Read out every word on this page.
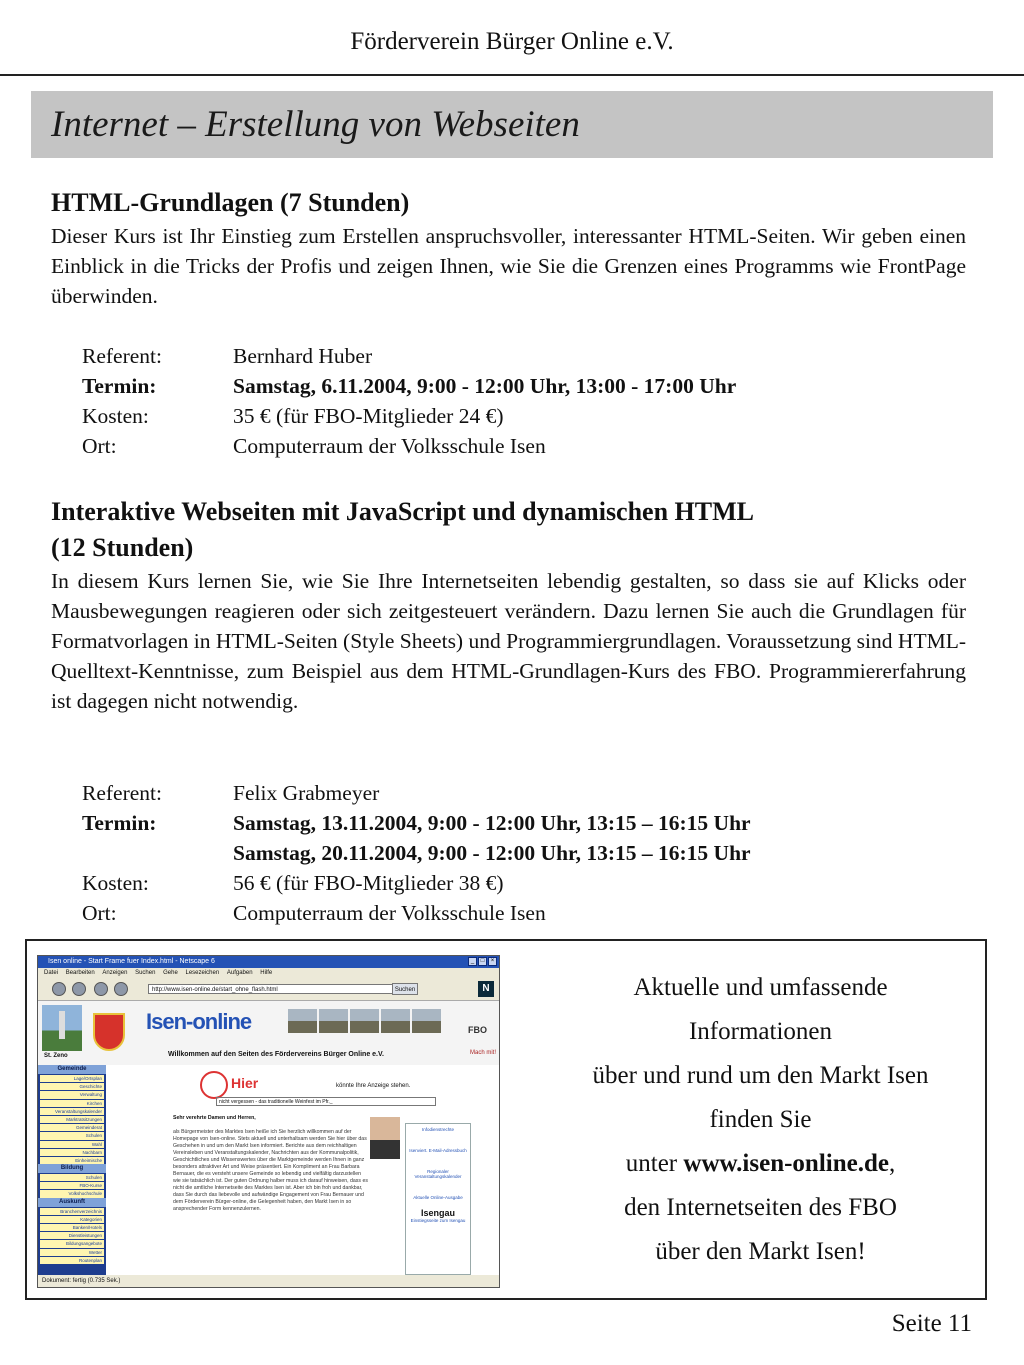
Förderverein Bürger Online e.V.
Internet – Erstellung von Webseiten

HTML-Grundlagen (7 Stunden)

Dieser Kurs ist Ihr Einstieg zum Erstellen anspruchsvoller, interessanter HTML-Seiten. Wir geben einen Einblick in die Tricks der Profis und zeigen Ihnen, wie Sie die Grenzen eines Programms wie FrontPage überwinden.

Referent:	Bernhard Huber
Termin:	Samstag, 6.11.2004, 9:00 - 12:00 Uhr, 13:00 - 17:00 Uhr
Kosten:	35 € (für FBO-Mitglieder 24 €)
Ort:	Computerraum der Volksschule Isen

Interaktive Webseiten mit JavaScript und dynamischen HTML

(12 Stunden)

In diesem Kurs lernen Sie, wie Sie Ihre Internetseiten lebendig gestalten, so dass sie auf Klicks oder Mausbewegungen reagieren oder sich zeitgesteuert verändern. Dazu lernen Sie auch die Grundlagen für Formatvorlagen in HTML-Seiten (Style Sheets) und Programmiergrundlagen. Voraussetzung sind HTML-Quelltext-Kenntnisse, zum Beispiel aus dem HTML-Grundlagen-Kurs des FBO. Programmiererfahrung ist dagegen nicht notwendig.

Referent:	Felix Grabmeyer
Termin:	Samstag, 13.11.2004, 9:00 - 12:00 Uhr, 13:15 – 16:15 Uhr
Samstag, 20.11.2004, 9:00 - 12:00 Uhr, 13:15 – 16:15 Uhr
Kosten:	56 € (für FBO-Mitglieder 38 €)
Ort:	Computerraum der Volksschule Isen
Isen online - Start Frame fuer Index.html - Netscape 6	_	□	×
Datei Bearbeiten Anzeigen Suchen Gehe Lesezeichen Aufgaben Hilfe
http://www.isen-online.de/start_ohne_flash.html	Suchen	N
St. Zeno
Isen-online	FBO
Mach mit!
Willkommen auf den Seiten des Fördervereins Bürger Online e.V.
Gemeinde
Lage/Ortsplan
Geschichte
Verwaltung
Kirchen
Veranstaltungskalender
Marktratsitzungen
Gemeinderat
Schulen
Wahl
Nachbarn
Einheimische
Bildung
Schulen
FBO-Kurse
Volkshochschule
Auskunft
Branchenverzeichnis
Kategorien
Banken/Hotels
Dienstleistungen
Bildungsangebote
Wetter
Routenplan
Hier	könnte Ihre Anzeige stehen.
nicht vergessen - das traditionelle Weinfest im Pfr._
Sehr verehrte Damen und Herren,

als Bürgermeister des Marktes Isen heiße ich Sie herzlich willkommen auf der Homepage von Isen-online. Stets aktuell und unterhaltsam werden Sie hier über das Geschehen in und um den Markt Isen informiert. Berichte aus dem reichhaltigen Vereinsleben und Veranstaltungskalender, Nachrichten aus der Kommunalpolitik, Geschichtliches und Wissenswertes über die Marktgemeinde werden Ihnen in ganz besonders attraktiver Art und Weise präsentiert. Ein Kompliment an Frau Barbara Bernauer, die es versteht unsere Gemeinde so lebendig und vielfältig darzustellen wie sie tatsächlich ist. Der guten Ordnung halber muss ich darauf hinweisen, dass es nicht die amtliche Internetseite des Marktes Isen ist. Aber ich bin froh und dankbar, dass Sie durch das liebevolle und aufwändige Engagement von Frau Bernauer und dem Förderverein Bürger-online, die Gelegenheit haben, den Markt Isen in so ansprechender Form kennenzulernen.
Infodienstrechte
Isenviert. E-Mail-Adressbuch
Regionaler Veranstaltungskalender
Aktuelle Online-Ausgabe
Isengau
Einstiegsseite zum Isengau
Dokument: fertig (0.735 Sek.)
Aktuelle und umfassende
Informationen
über und rund um den Markt Isen
finden Sie
unter www.isen-online.de,
den Internetseiten des FBO
über den Markt Isen!
Seite 11
